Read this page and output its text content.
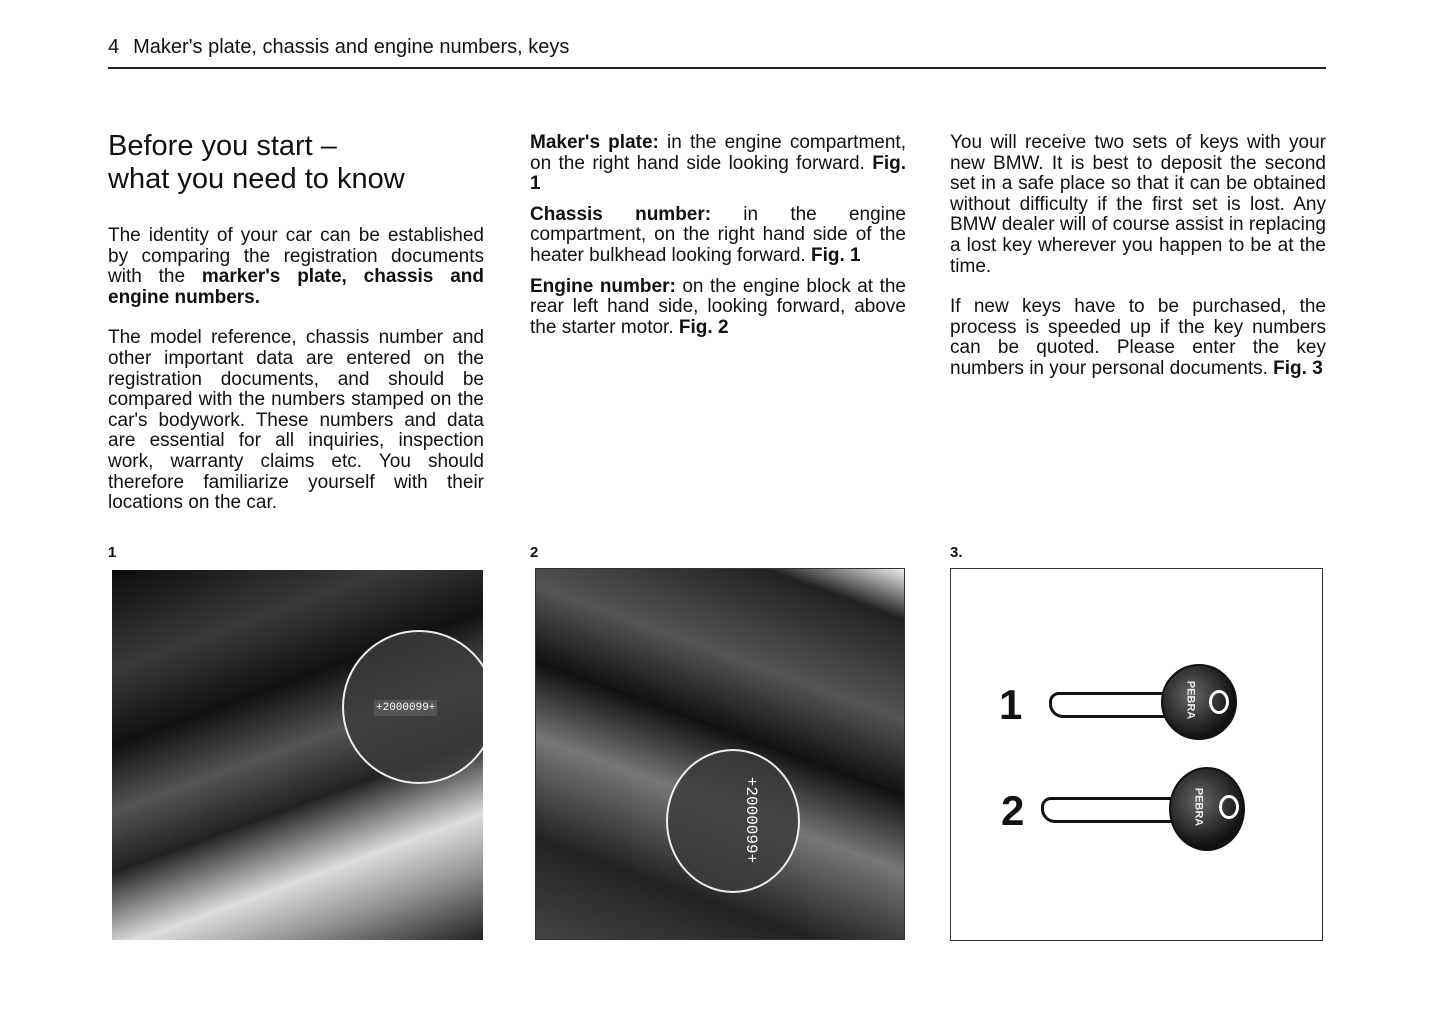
4 Maker's plate, chassis and engine numbers, keys
Before you start –
what you need to know

The identity of your car can be established by comparing the registration documents with the marker's plate, chassis and engine numbers.

The model reference, chassis number and other important data are entered on the registration documents, and should be compared with the numbers stamped on the car's bodywork. These numbers and data are essential for all inquiries, inspection work, warranty claims etc. You should therefore familiarize yourself with their locations on the car.

Maker's plate: in the engine compartment, on the right hand side looking forward. Fig. 1

Chassis number: in the engine compartment, on the right hand side of the heater bulkhead looking forward. Fig. 1

Engine number: on the engine block at the rear left hand side, looking forward, above the starter motor. Fig. 2

You will receive two sets of keys with your new BMW. It is best to deposit the second set in a safe place so that it can be obtained without difficulty if the first set is lost. Any BMW dealer will of course assist in replacing a lost key wherever you happen to be at the time.

If new keys have to be purchased, the process is speeded up if the key numbers can be quoted. Please enter the key numbers in your personal documents. Fig. 3

1	2	3.
+2000099+
+2000099+
1	PEBRA
2	PEBRA
